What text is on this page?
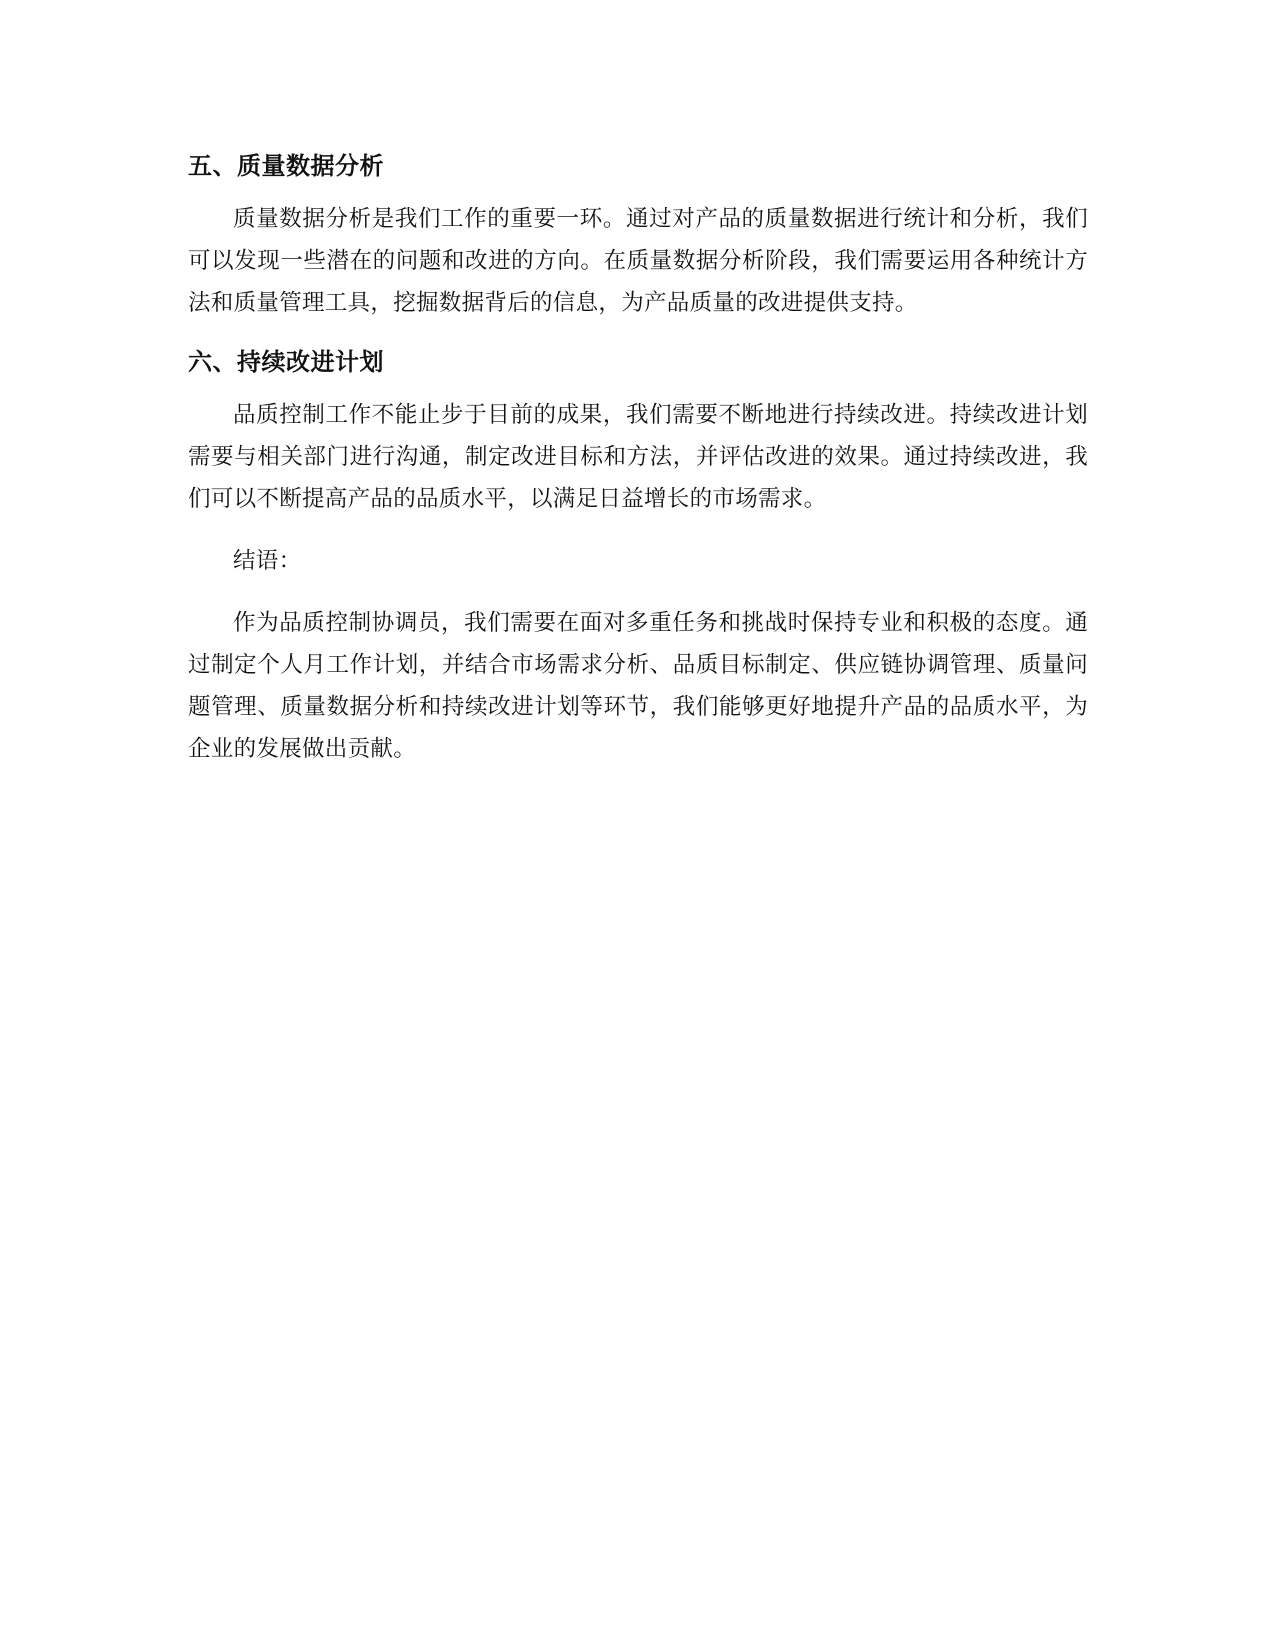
五、质量数据分析

质量数据分析是我们工作的重要一环。通过对产品的质量数据进行统计和分析，我们可以发现一些潜在的问题和改进的方向。在质量数据分析阶段，我们需要运用各种统计方法和质量管理工具，挖掘数据背后的信息，为产品质量的改进提供支持。

六、持续改进计划

品质控制工作不能止步于目前的成果，我们需要不断地进行持续改进。持续改进计划需要与相关部门进行沟通，制定改进目标和方法，并评估改进的效果。通过持续改进，我们可以不断提高产品的品质水平，以满足日益增长的市场需求。

结语：

作为品质控制协调员，我们需要在面对多重任务和挑战时保持专业和积极的态度。通过制定个人月工作计划，并结合市场需求分析、品质目标制定、供应链协调管理、质量问题管理、质量数据分析和持续改进计划等环节，我们能够更好地提升产品的品质水平，为企业的发展做出贡献。
